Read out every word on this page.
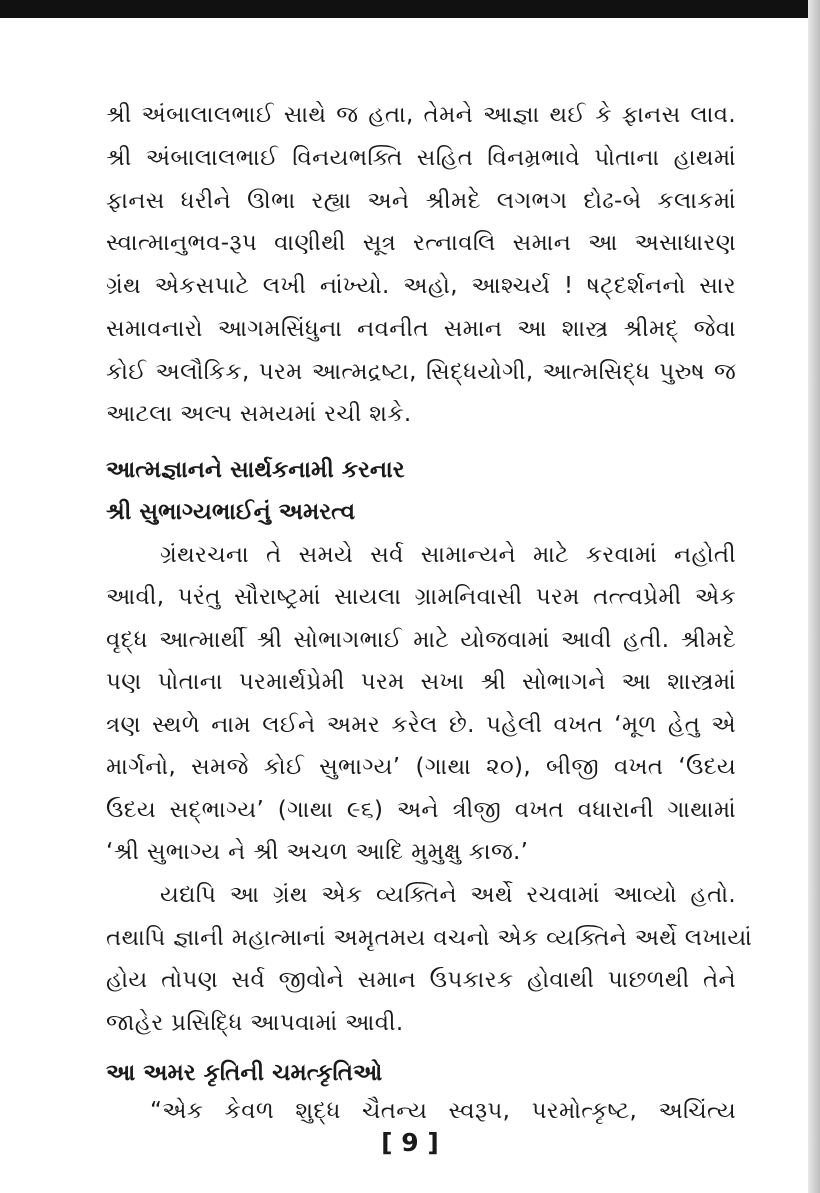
શ્રી અંબાલાલભાઈ સાથે જ હતા, તેમને આજ્ઞા થઈ કે ફાનસ લાવ.
શ્રી અંબાલાલભાઈ વિનયભક્તિ સહિત વિનમ્રભાવે પોતાના હાથમાં
ફાનસ ધરીને ઊભા રહ્યા અને શ્રીમદે લગભગ દોઢ-બે કલાકમાં
સ્વાત્માનુભવ-રૂપ વાણીથી સૂત્ર રત્નાવલિ સમાન આ અસાધારણ
ગ્રંથ એકસપાટે લખી નાંખ્યો. અહો, આશ્ચર્ય ! ષટ્દર્શનનો સાર
સમાવનારો આગમસિંધુના નવનીત સમાન આ શાસ્ત્ર શ્રીમદ્ જેવા
કોઈ અલૌકિક, પરમ આત્મદ્રષ્ટા, સિદ્ધયોગી, આત્મસિદ્ધ પુરુષ જ
આટલા અલ્પ સમયમાં રચી શકે.
આત્મજ્ઞાનને સાર્થકનામી કરનાર
શ્રી સુભાગ્યભાઈનું અમરત્વ
ગ્રંથરચના તે સમયે સર્વ સામાન્યને માટે કરવામાં નહોતી
આવી, પરંતુ સૌરાષ્ટ્રમાં સાયલા ગ્રામનિવાસી પરમ તત્ત્વપ્રેમી એક
વૃદ્ધ આત્માર્થી શ્રી સોભાગભાઈ માટે યોજવામાં આવી હતી. શ્રીમદે
પણ પોતાના પરમાર્થપ્રેમી પરમ સખા શ્રી સોભાગને આ શાસ્ત્રમાં
ત્રણ સ્થળે નામ લઈને અમર કરેલ છે. પહેલી વખત ‘મૂળ હેતુ એ
માર્ગનો, સમજે કોઈ સુભાગ્ય’ (ગાથા ૨૦), બીજી વખત ‘ઉદય
ઉદય સદ્ભાગ્ય’ (ગાથા ૯૬) અને ત્રીજી વખત વધારાની ગાથામાં
‘શ્રી સુભાગ્ય ને શ્રી અચળ આદિ મુમુક્ષુ કાજ.’
યદ્યપિ આ ગ્રંથ એક વ્યક્તિને અર્થે રચવામાં આવ્યો હતો.
તથાપિ જ્ઞાની મહાત્માનાં અમૃતમય વચનો એક વ્યક્તિને અર્થે લખાયાં
હોય તોપણ સર્વ જીવોને સમાન ઉપકારક હોવાથી પાછળથી તેને
જાહેર પ્રસિદ્ધિ આપવામાં આવી.
આ અમર કૃતિની ચમત્કૃતિઓ
“એક કેવળ શુદ્ધ ચૈતન્ય સ્વરૂપ, પરમોત્કૃષ્ટ, અચિંત્ય
[ 9 ]
